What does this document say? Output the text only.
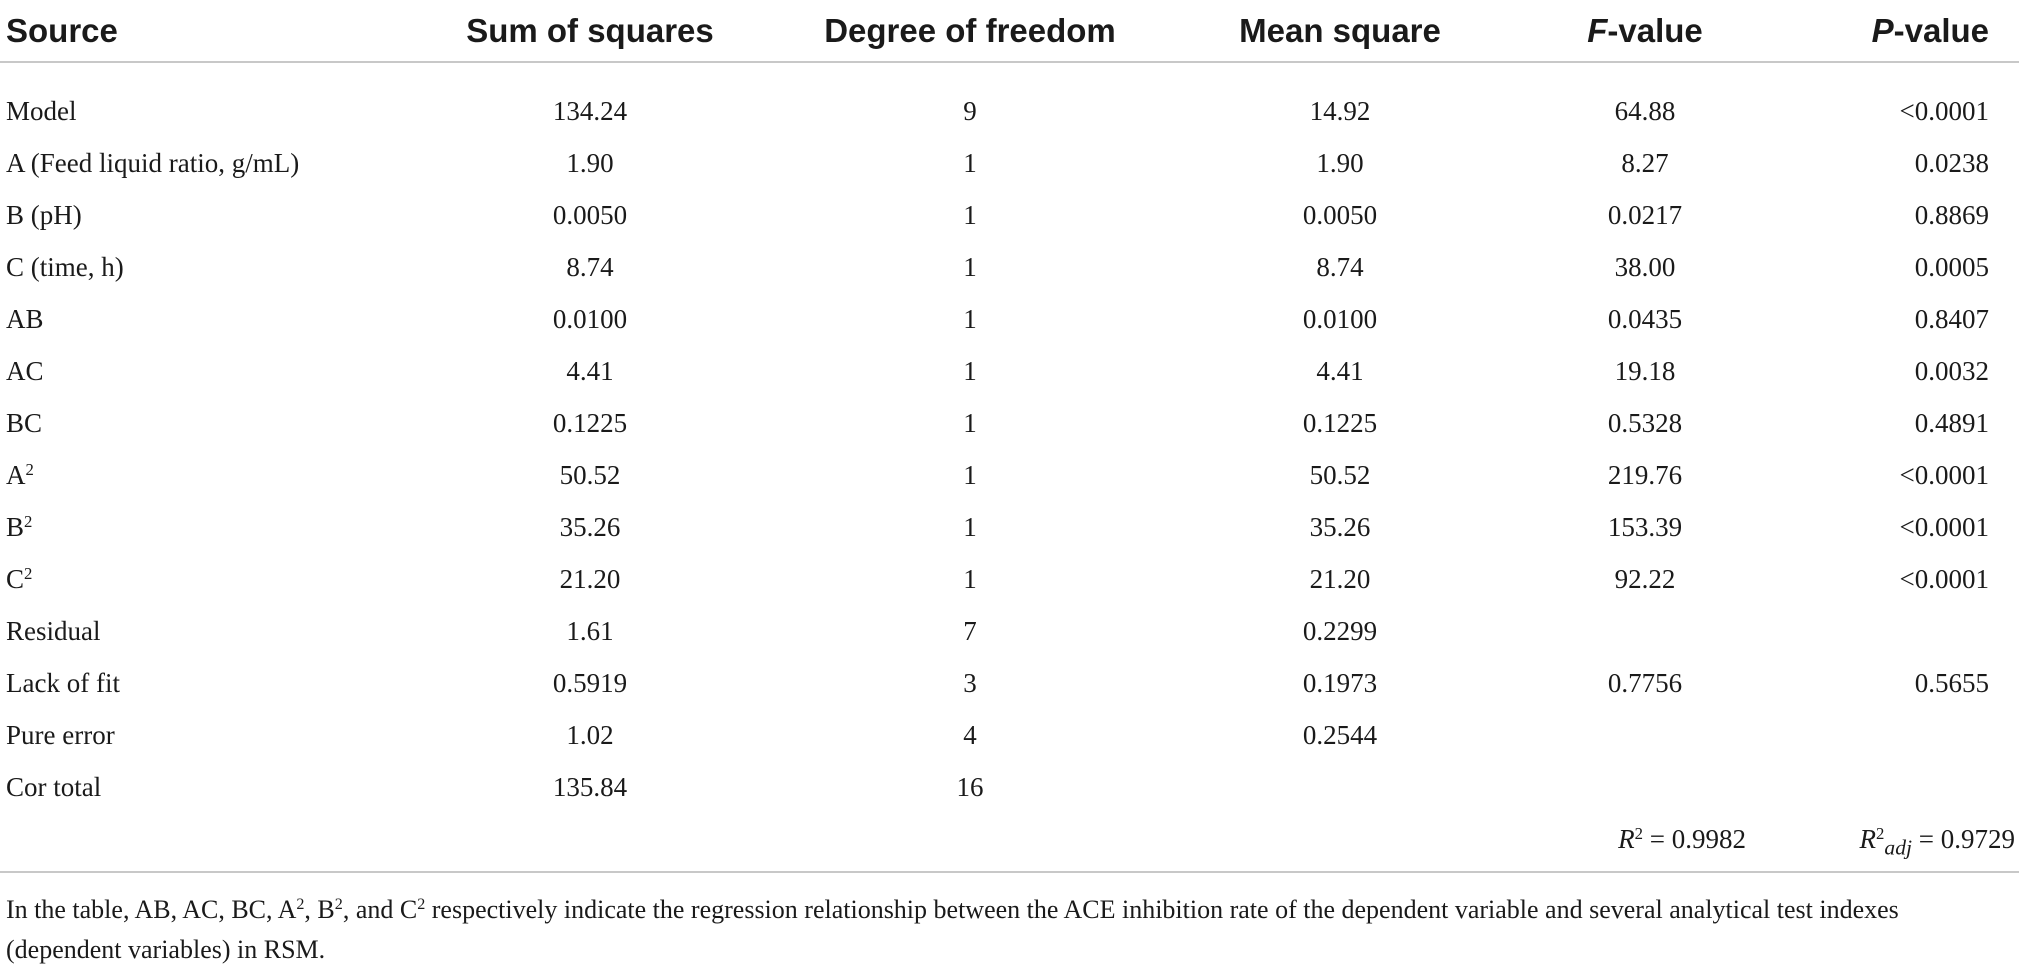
Source	Sum of squares	Degree of freedom	Mean square	F-value	P-value

Model	134.24	9	14.92	64.88	<0.0001
A (Feed liquid ratio, g/mL)	1.90	1	1.90	8.27	0.0238
B (pH)	0.0050	1	0.0050	0.0217	0.8869
C (time, h)	8.74	1	8.74	38.00	0.0005
AB	0.0100	1	0.0100	0.0435	0.8407
AC	4.41	1	4.41	19.18	0.0032
BC	0.1225	1	0.1225	0.5328	0.4891
$A^2$	50.52	1	50.52	219.76	<0.0001
$B^2$	35.26	1	35.26	153.39	<0.0001
$C^2$	21.20	1	21.20	92.22	<0.0001
Residual	1.61	7	0.2299		
Lack of fit	0.5919	3	0.1973	0.7756	0.5655
Pure error	1.02	4	0.2544		
Cor total	135.84	16			
				$R^2 = 0.9982$	$R^2_{adj} = 0.9729$
In the table, AB, AC, BC, $A^2$, $B^2$, and $C^2$ respectively indicate the regression relationship between the ACE inhibition rate of the dependent variable and several analytical test indexes (dependent variables) in RSM.
